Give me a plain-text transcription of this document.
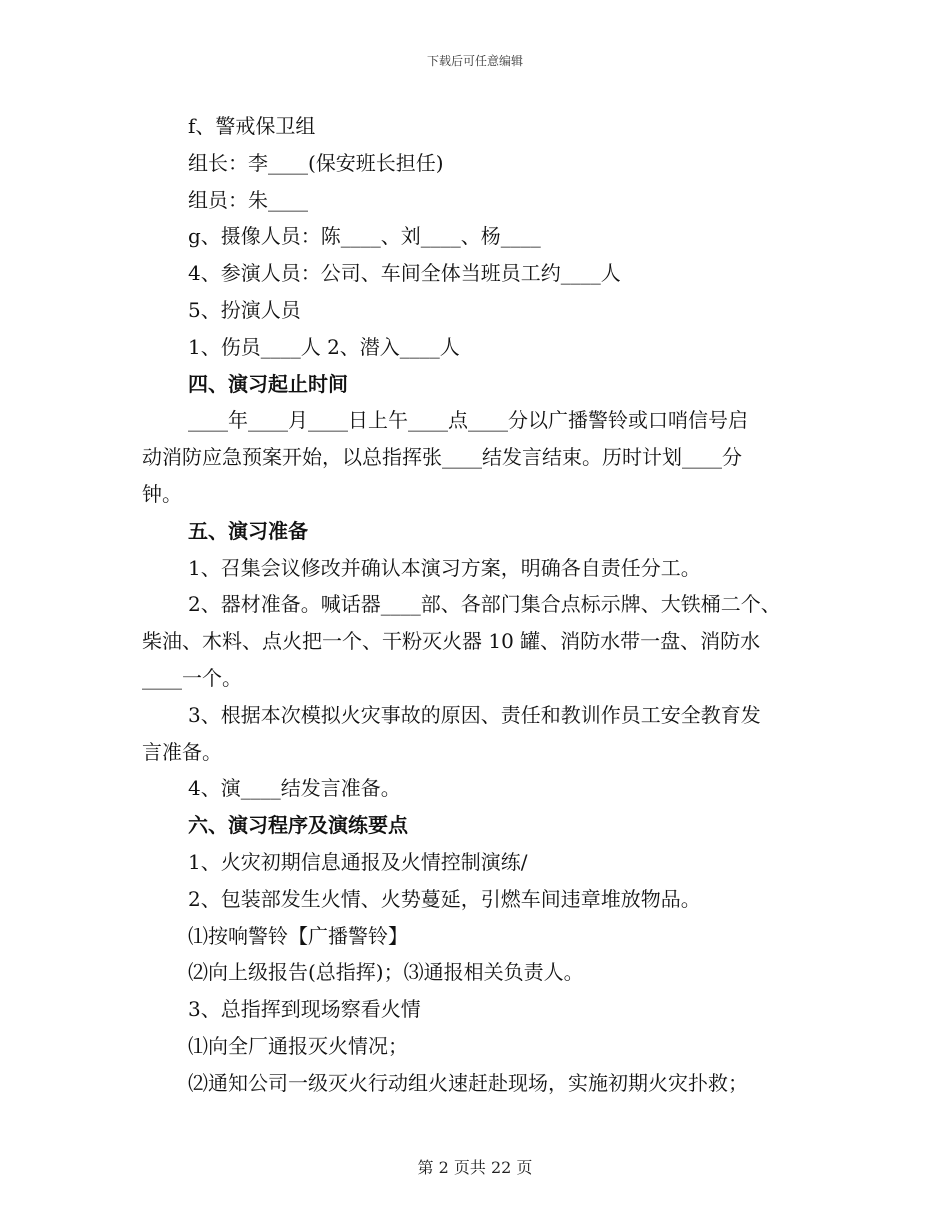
下载后可任意编辑
f、警戒保卫组
组长：李____(保安班长担任)
组员：朱____
g、摄像人员：陈____、刘____、杨____
4、参演人员：公司、车间全体当班员工约____人
5、扮演人员
1、伤员____人 2、潜入____人
四、演习起止时间
____年____月____日上午____点____分以广播警铃或口哨信号启
动消防应急预案开始，以总指挥张____结发言结束。历时计划____分
钟。
五、演习准备
1、召集会议修改并确认本演习方案，明确各自责任分工。
2、器材准备。喊话器____部、各部门集合点标示牌、大铁桶二个、
柴油、木料、点火把一个、干粉灭火器 10 罐、消防水带一盘、消防水
____一个。
3、根据本次模拟火灾事故的原因、责任和教训作员工安全教育发
言准备。
4、演____结发言准备。
六、演习程序及演练要点
1、火灾初期信息通报及火情控制演练/
2、包装部发生火情、火势蔓延，引燃车间违章堆放物品。
⑴按响警铃【广播警铃】
⑵向上级报告(总指挥)；⑶通报相关负责人。
3、总指挥到现场察看火情
⑴向全厂通报灭火情况；
⑵通知公司一级灭火行动组火速赶赴现场，实施初期火灾扑救；
第 2 页共 22 页
